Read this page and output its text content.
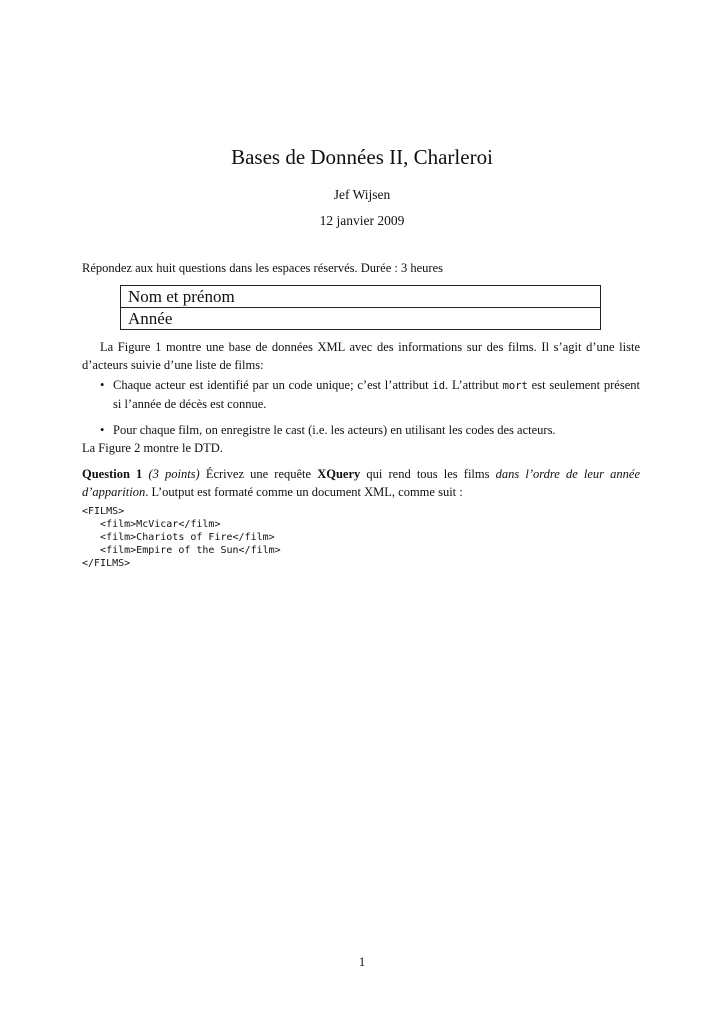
Bases de Données II, Charleroi
Jef Wijsen
12 janvier 2009
Répondez aux huit questions dans les espaces réservés. Durée : 3 heures
Nom et prénom
Année
La Figure 1 montre une base de données XML avec des informations sur des films. Il s’agit d’une liste d’acteurs suivie d’une liste de films:
• Chaque acteur est identifié par un code unique; c’est l’attribut id. L’attribut mort est seulement présent si l’année de décès est connue.
• Pour chaque film, on enregistre le cast (i.e. les acteurs) en utilisant les codes des acteurs.
La Figure 2 montre le DTD.
Question 1 (3 points) Écrivez une requête XQuery qui rend tous les films dans l’ordre de leur année d’apparition. L’output est formaté comme un document XML, comme suit :
<FILMS>
<film>McVicar</film>
<film>Chariots of Fire</film>
<film>Empire of the Sun</film>
</FILMS>
1
